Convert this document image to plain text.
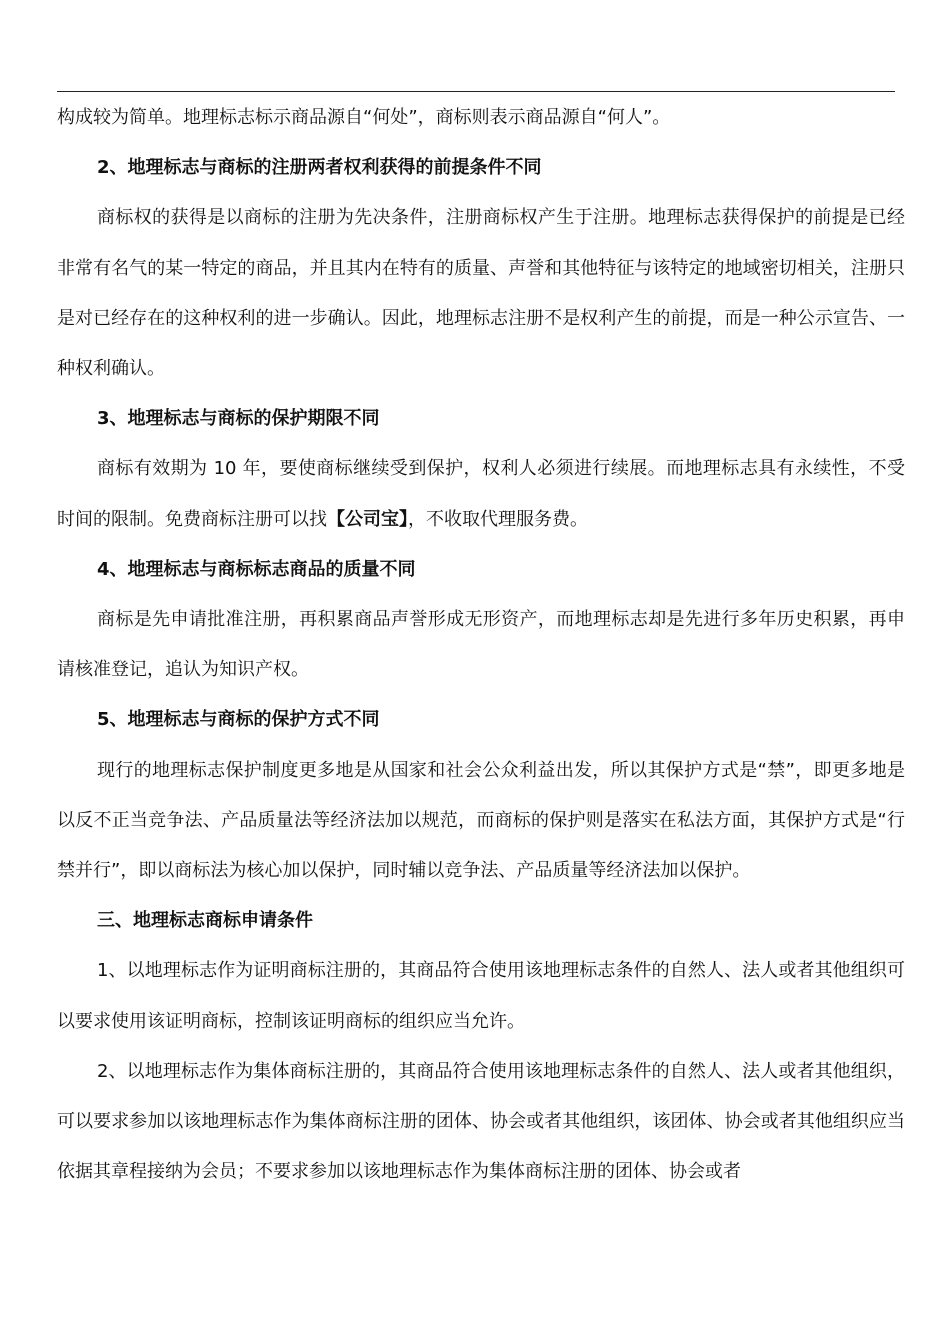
构成较为简单。地理标志标示商品源自“何处”，商标则表示商品源自“何人”。

2、地理标志与商标的注册两者权利获得的前提条件不同

商标权的获得是以商标的注册为先决条件，注册商标权产生于注册。地理标志获得保护的前提是已经非常有名气的某一特定的商品，并且其内在特有的质量、声誉和其他特征与该特定的地域密切相关，注册只是对已经存在的这种权利的进一步确认。因此，地理标志注册不是权利产生的前提，而是一种公示宣告、一种权利确认。

3、地理标志与商标的保护期限不同

商标有效期为 10 年，要使商标继续受到保护，权利人必须进行续展。而地理标志具有永续性，不受时间的限制。免费商标注册可以找【公司宝】，不收取代理服务费。

4、地理标志与商标标志商品的质量不同

商标是先申请批准注册，再积累商品声誉形成无形资产，而地理标志却是先进行多年历史积累，再申请核准登记，追认为知识产权。

5、地理标志与商标的保护方式不同

现行的地理标志保护制度更多地是从国家和社会公众利益出发，所以其保护方式是“禁”，即更多地是以反不正当竞争法、产品质量法等经济法加以规范，而商标的保护则是落实在私法方面，其保护方式是“行禁并行”，即以商标法为核心加以保护，同时辅以竞争法、产品质量等经济法加以保护。

三、地理标志商标申请条件

1、以地理标志作为证明商标注册的，其商品符合使用该地理标志条件的自然人、法人或者其他组织可以要求使用该证明商标，控制该证明商标的组织应当允许。

2、以地理标志作为集体商标注册的，其商品符合使用该地理标志条件的自然人、法人或者其他组织，可以要求参加以该地理标志作为集体商标注册的团体、协会或者其他组织，该团体、协会或者其他组织应当依据其章程接纳为会员；不要求参加以该地理标志作为集体商标注册的团体、协会或者
